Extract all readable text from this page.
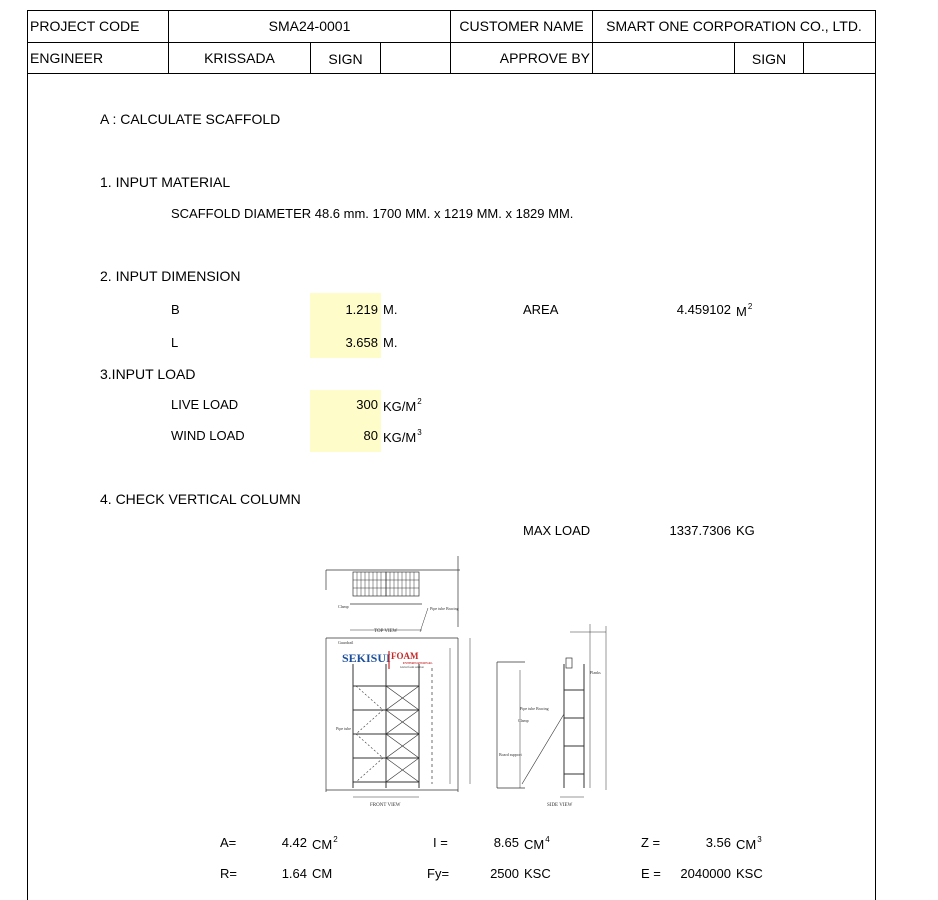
PROJECT CODE	SMA24-0001	CUSTOMER NAME	SMART ONE CORPORATION CO., LTD.
ENGINEER	KRISSADA	SIGN	APPROVE BY	SIGN
A : CALCULATE SCAFFOLD
1. INPUT MATERIAL
SCAFFOLD DIAMETER 48.6 mm. 1700 MM. x 1219 MM. x 1829 MM.
2. INPUT DIMENSION
B	1.219 M.	AREA	4.459102 $M^2$
L	3.658 M.
3.INPUT LOAD
LIVE LOAD	300 $KG/M^2$
WIND LOAD	80 $KG/M^3$
4. CHECK VERTICAL COLUMN
MAX LOAD	1337.7306 KG
Clamp	Pipe tube Bracing
Guardrail
Pipe tube
Pipe tube Bracing
Clamp
Board support
Planks
TOP VIEW
FRONT VIEW	SIDE VIEW
SEKISUI FOAM
INTERNATIONAL
Global foam solution
A=	4.42 $CM^2$	I =	8.65 $CM^4$	Z =	3.56 $CM^3$
R=	1.64 CM	Fy=	2500 KSC	E =	2040000 KSC
